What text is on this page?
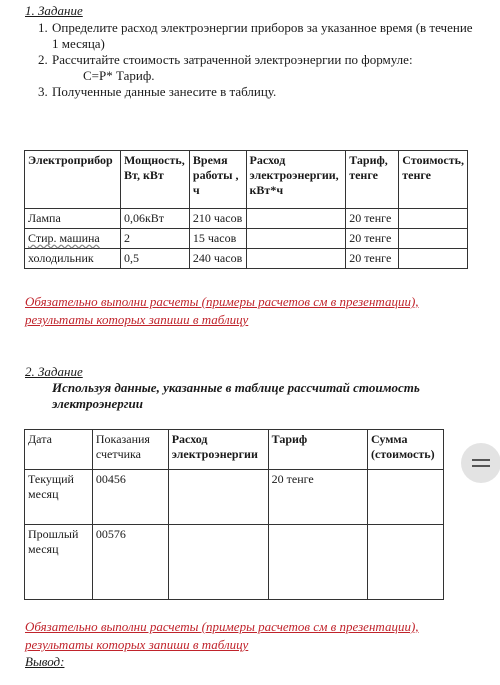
1. Задание
1. Определите расход электроэнергии приборов за указанное время (в течение 1 месяца)
2. Рассчитайте стоимость затраченной электроэнергии по формуле:
С=Р* Тариф.
3. Полученные данные занесите в таблицу.
Электроприбор	Мощность, Вт, кВт	Время работы , ч	Расход электроэнергии, кВт*ч	Тариф, тенге	Стоимость, тенге
Лампа	0,06кВт	210 часов		20 тенге	
Стир. машина	2	15 часов		20 тенге	
холодильник	0,5	240 часов		20 тенге	
Обязательно выполни расчеты (примеры расчетов см в презентации), результаты которых запиши в таблицу
2. Задание
Используя данные, указанные в таблице рассчитай стоимость электроэнергии
Дата	Показания счетчика	Расход электроэнергии	Тариф	Сумма (стоимость)
Текущий месяц	00456		20 тенге	
Прошлый месяц	00576			
Обязательно выполни расчеты (примеры расчетов см в презентации), результаты которых запиши в таблицу
Вывод:
